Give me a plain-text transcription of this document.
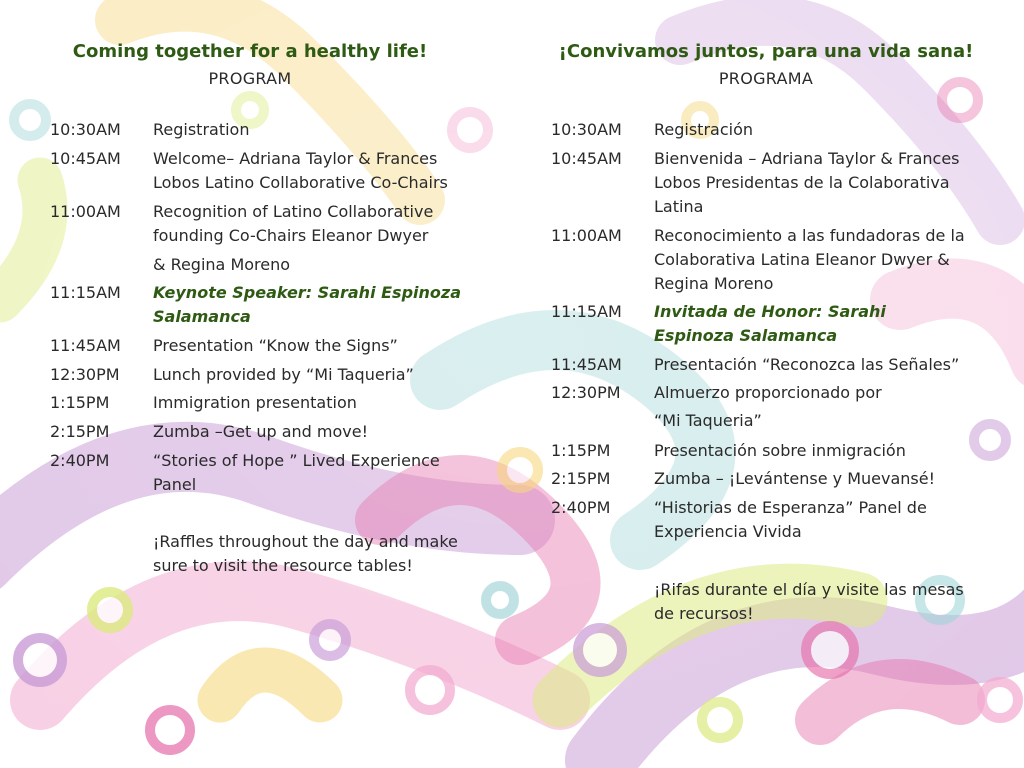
Coming together for a healthy life!
PROGRAM
10:30AM	Registration
10:45AM	Welcome– Adriana Taylor & Frances Lobos Latino Collaborative Co-Chairs
11:00AM	Recognition of Latino Collaborative founding Co-Chairs Eleanor Dwyer
& Regina Moreno
11:15AM	Keynote Speaker: Sarahi Espinoza Salamanca
11:45AM	Presentation “Know the Signs”
12:30PM	Lunch provided by “Mi Taqueria”
1:15PM	Immigration presentation
2:15PM	Zumba –Get up and move!
2:40PM	“Stories of Hope ” Lived Experience Panel
¡Raffles throughout the day and make sure to visit the resource tables!
¡Convivamos juntos, para una vida sana!
PROGRAMA
10:30AM	Registración
10:45AM	Bienvenida – Adriana Taylor & Frances Lobos Presidentas de la Colaborativa Latina
11:00AM	Reconocimiento a las fundadoras de la Colaborativa Latina Eleanor Dwyer & Regina Moreno
11:15AM	Invitada de Honor: Sarahi Espinoza Salamanca
11:45AM	Presentación “Reconozca las Señales”
12:30PM	Almuerzo proporcionado por
“Mi Taqueria”
1:15PM	Presentación sobre inmigración
2:15PM	Zumba – ¡Levántense y Muevansé!
2:40PM	“Historias de Esperanza” Panel de Experiencia Vivida
¡Rifas durante el día y visite las mesas de recursos!
